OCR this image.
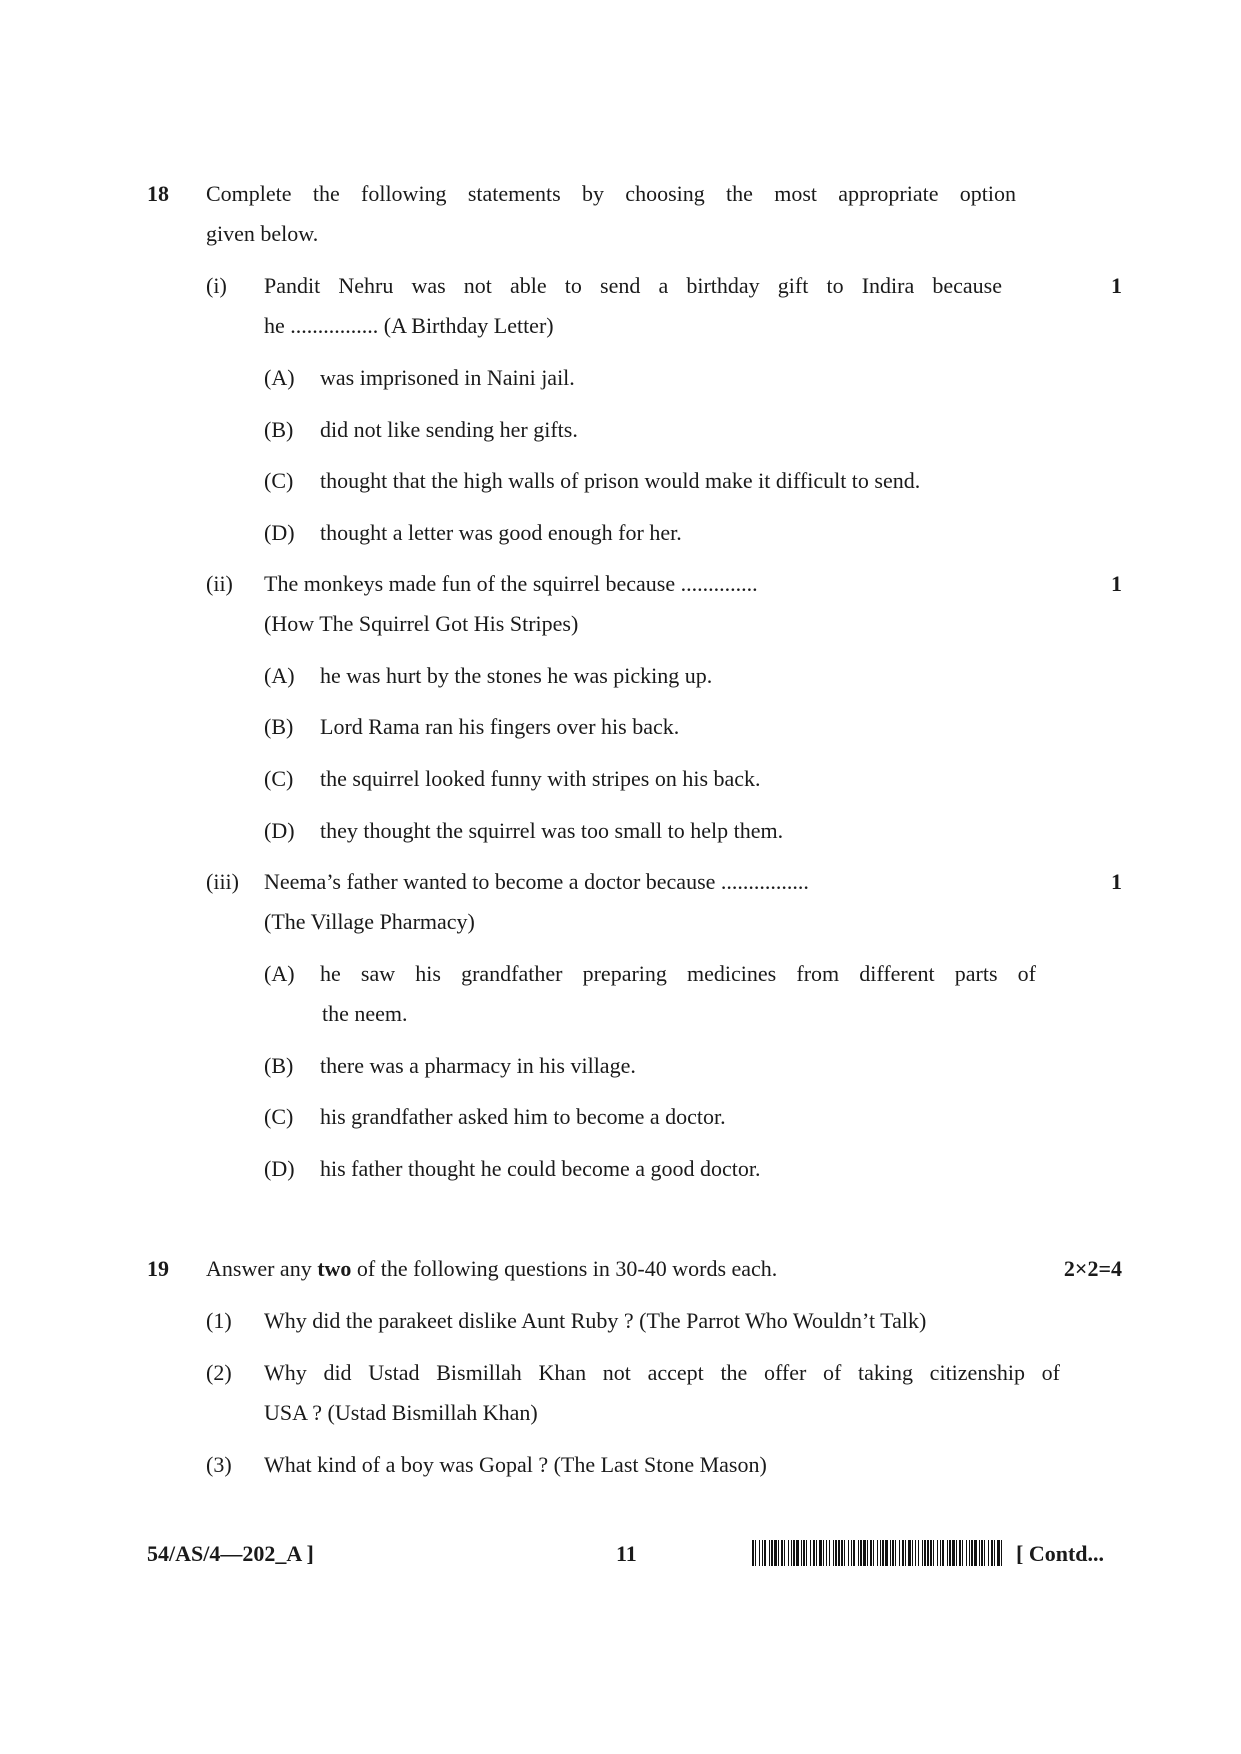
18 Complete the following statements by choosing the most appropriate option
given below.
(i) Pandit Nehru was not able to send a birthday gift to Indira because	1
he ................ (A Birthday Letter)
(A) was imprisoned in Naini jail.
(B) did not like sending her gifts.
(C) thought that the high walls of prison would make it difficult to send.
(D) thought a letter was good enough for her.
(ii) The monkeys made fun of the squirrel because ..............	1
(How The Squirrel Got His Stripes)
(A) he was hurt by the stones he was picking up.
(B) Lord Rama ran his fingers over his back.
(C) the squirrel looked funny with stripes on his back.
(D) they thought the squirrel was too small to help them.
(iii) Neema’s father wanted to become a doctor because ................	1
(The Village Pharmacy)
(A) he saw his grandfather preparing medicines from different parts of
the neem.
(B) there was a pharmacy in his village.
(C) his grandfather asked him to become a doctor.
(D) his father thought he could become a good doctor.
19 Answer any two of the following questions in 30-40 words each.	2×2=4
(1) Why did the parakeet dislike Aunt Ruby ? (The Parrot Who Wouldn’t Talk)
(2) Why did Ustad Bismillah Khan not accept the offer of taking citizenship of
USA ? (Ustad Bismillah Khan)
(3) What kind of a boy was Gopal ? (The Last Stone Mason)
54/AS/4—202_A ]	11	[ Contd...
